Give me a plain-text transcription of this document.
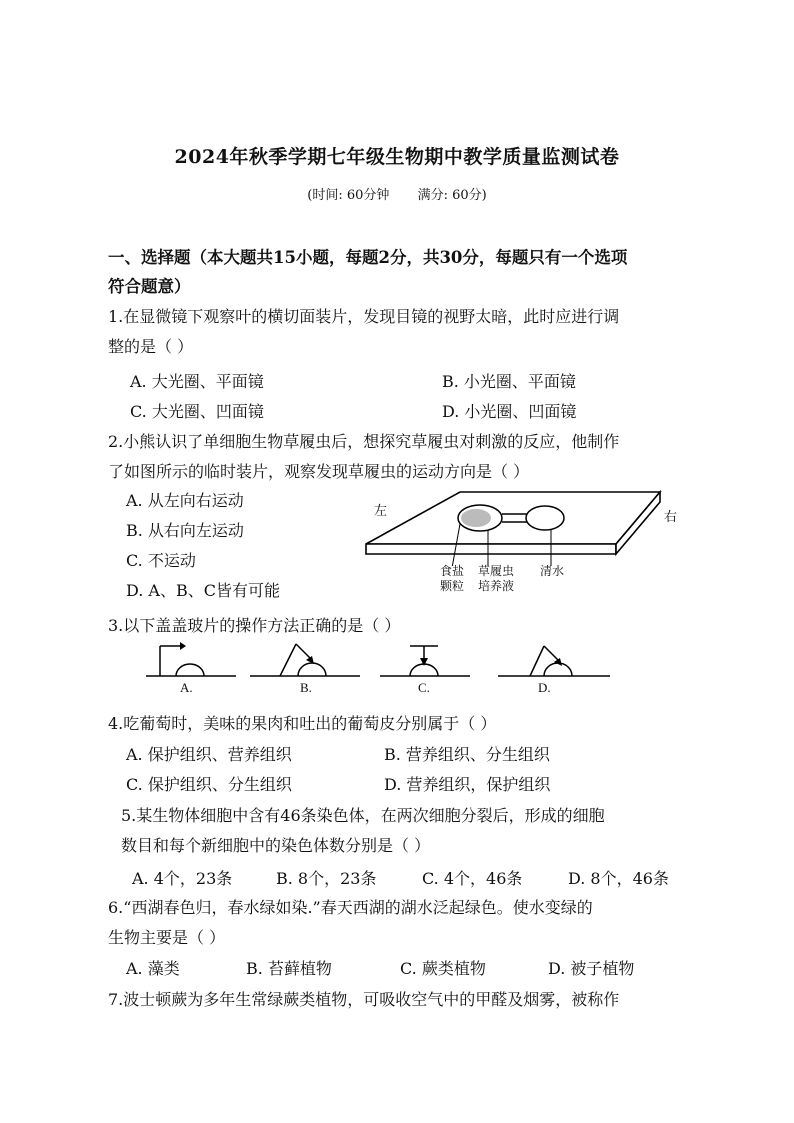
2024年秋季学期七年级生物期中教学质量监测试卷
(时间: 60分钟 满分: 60分)
一、选择题（本大题共15小题，每题2分，共30分，每题只有一个选项
符合题意）
1.在显微镜下观察叶的横切面装片，发现目镜的视野太暗，此时应进行调
整的是（ ）
A. 大光圈、平面镜	B. 小光圈、平面镜
C. 大光圈、凹面镜	D. 小光圈、凹面镜
2.小熊认识了单细胞生物草履虫后，想探究草履虫对刺激的反应，他制作
了如图所示的临时装片，观察发现草履虫的运动方向是（ ）
A. 从左向右运动
B. 从右向左运动
C. 不运动
D. A、B、C皆有可能
左	右
食盐
颗粒
草履虫
培养液
清水
3.以下盖盖玻片的操作方法正确的是（ ）
A.	B.	C.	D.
4.吃葡萄时，美味的果肉和吐出的葡萄皮分别属于（ ）
A. 保护组织、营养组织	B. 营养组织、分生组织
C. 保护组织、分生组织	D. 营养组织，保护组织
5.某生物体细胞中含有46条染色体，在两次细胞分裂后，形成的细胞
数目和每个新细胞中的染色体数分别是（ ）
A. 4个，23条	B. 8个，23条	C. 4个，46条	D. 8个，46条
6.“西湖春色归，春水绿如染.”春天西湖的湖水泛起绿色。使水变绿的
生物主要是（ ）
A. 藻类	B. 苔藓植物	C. 蕨类植物	D. 被子植物
7.波士顿蕨为多年生常绿蕨类植物，可吸收空气中的甲醛及烟雾，被称作
